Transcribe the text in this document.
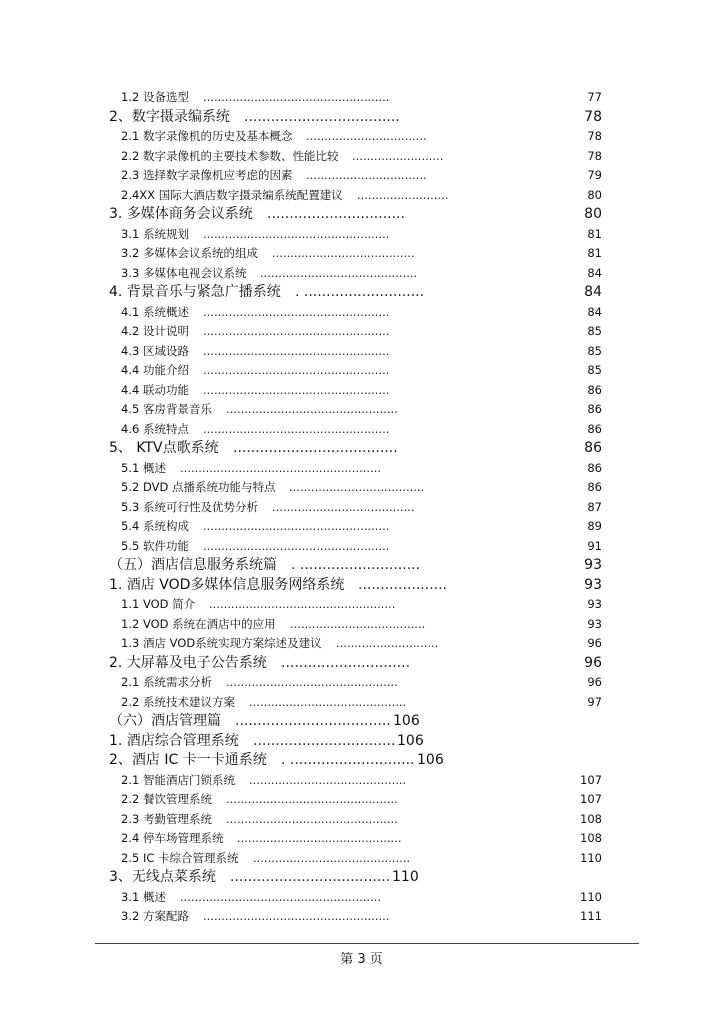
1.2 设备选型 ...................................................	77
2、数字摄录编系统 ...................................	78
2.1 数字录像机的历史及基本概念 .................................	78
2.2 数字录像机的主要技术参数、性能比较 .........................	78
2.3 选择数字录像机应考虑的因素 .................................	79
2.4XX 国际大酒店数字摄录编系统配置建议 .........................	80
3. 多媒体商务会议系统 ...............................	80
3.1 系统规划 ...................................................	81
3.2 多媒体会议系统的组成 .......................................	81
3.3 多媒体电视会议系统 ...........................................	84
4. 背景音乐与紧急广播系统 . ...........................	84
4.1 系统概述 ...................................................	84
4.2 设计说明 ...................................................	85
4.3 区域设路 ...................................................	85
4.4 功能介绍 ...................................................	85
4.4 联动功能 ...................................................	86
4.5 客房背景音乐 ...............................................	86
4.6 系统特点 ...................................................	86
5、 KTV点歌系统 .....................................	86
5.1 概述 .......................................................	86
5.2 DVD 点播系统功能与特点 .....................................	86
5.3 系统可行性及优势分析 .......................................	87
5.4 系统构成 ...................................................	89
5.5 软件功能 ...................................................	91
（五）酒店信息服务系统篇 . ...........................	93
1. 酒店 VOD多媒体信息服务网络系统 ....................	93
1.1 VOD 简介 ...................................................	93
1.2 VOD 系统在酒店中的应用 .....................................	93
1.3 酒店 VOD系统实现方案综述及建议 ............................	96
2. 大屏幕及电子公告系统 .............................	96
2.1 系统需求分析 ...............................................	96
2.2 系统技术建议方案 ...........................................	97
（六）酒店管理篇 ................................... 106
1. 酒店综合管理系统 ................................ 106
2、酒店 IC 卡一卡通系统 . ............................ 106
2.1 智能酒店门锁系统 ...........................................	107
2.2 餐饮管理系统 ...............................................	107
2.3 考勤管理系统 ...............................................	108
2.4 停车场管理系统 .............................................	108
2.5 IC 卡综合管理系统 ...........................................	110
3、无线点菜系统 .................................... 110
3.1 概述 .......................................................	110
3.2 方案配路 ...................................................	111
第 3 页
